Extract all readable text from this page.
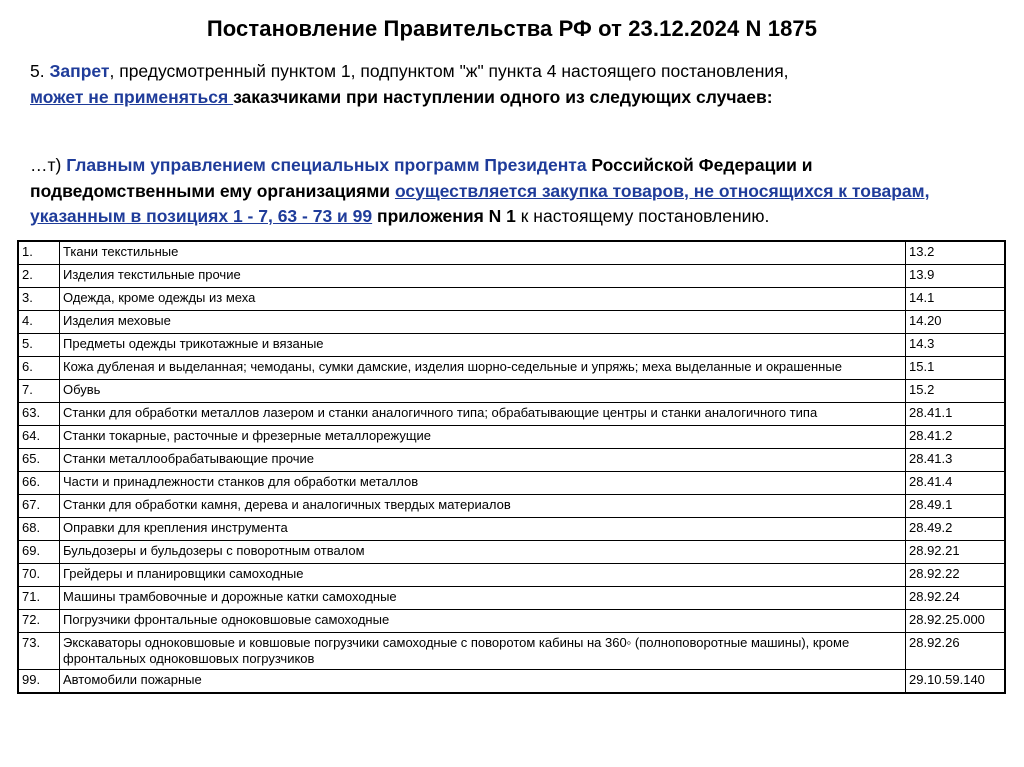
Постановление Правительства РФ от 23.12.2024 N 1875
5. Запрет, предусмотренный пунктом 1, подпунктом "ж" пункта 4 настоящего постановления,
может не применяться заказчиками при наступлении одного из следующих случаев:
…т) Главным управлением специальных программ Президента Российской Федерации и подведомственными ему организациями осуществляется закупка товаров, не относящихся к товарам, указанным в позициях 1 - 7, 63 - 73 и 99 приложения N 1 к настоящему постановлению.
1.	Ткани текстильные	13.2
2.	Изделия текстильные прочие	13.9
3.	Одежда, кроме одежды из меха	14.1
4.	Изделия меховые	14.20
5.	Предметы одежды трикотажные и вязаные	14.3
6.	Кожа дубленая и выделанная; чемоданы, сумки дамские, изделия шорно-седельные и упряжь; меха выделанные и окрашенные	15.1
7.	Обувь	15.2
63.	Станки для обработки металлов лазером и станки аналогичного типа; обрабатывающие центры и станки аналогичного типа	28.41.1
64.	Станки токарные, расточные и фрезерные металлорежущие	28.41.2
65.	Станки металлообрабатывающие прочие	28.41.3
66.	Части и принадлежности станков для обработки металлов	28.41.4
67.	Станки для обработки камня, дерева и аналогичных твердых материалов	28.49.1
68.	Оправки для крепления инструмента	28.49.2
69.	Бульдозеры и бульдозеры с поворотным отвалом	28.92.21
70.	Грейдеры и планировщики самоходные	28.92.22
71.	Машины трамбовочные и дорожные катки самоходные	28.92.24
72.	Погрузчики фронтальные одноковшовые самоходные	28.92.25.000
73.	Экскаваторы одноковшовые и ковшовые погрузчики самоходные с поворотом кабины на 360◦ (полноповоротные машины), кроме фронтальных одноковшовых погрузчиков	28.92.26
99.	Автомобили пожарные	29.10.59.140
